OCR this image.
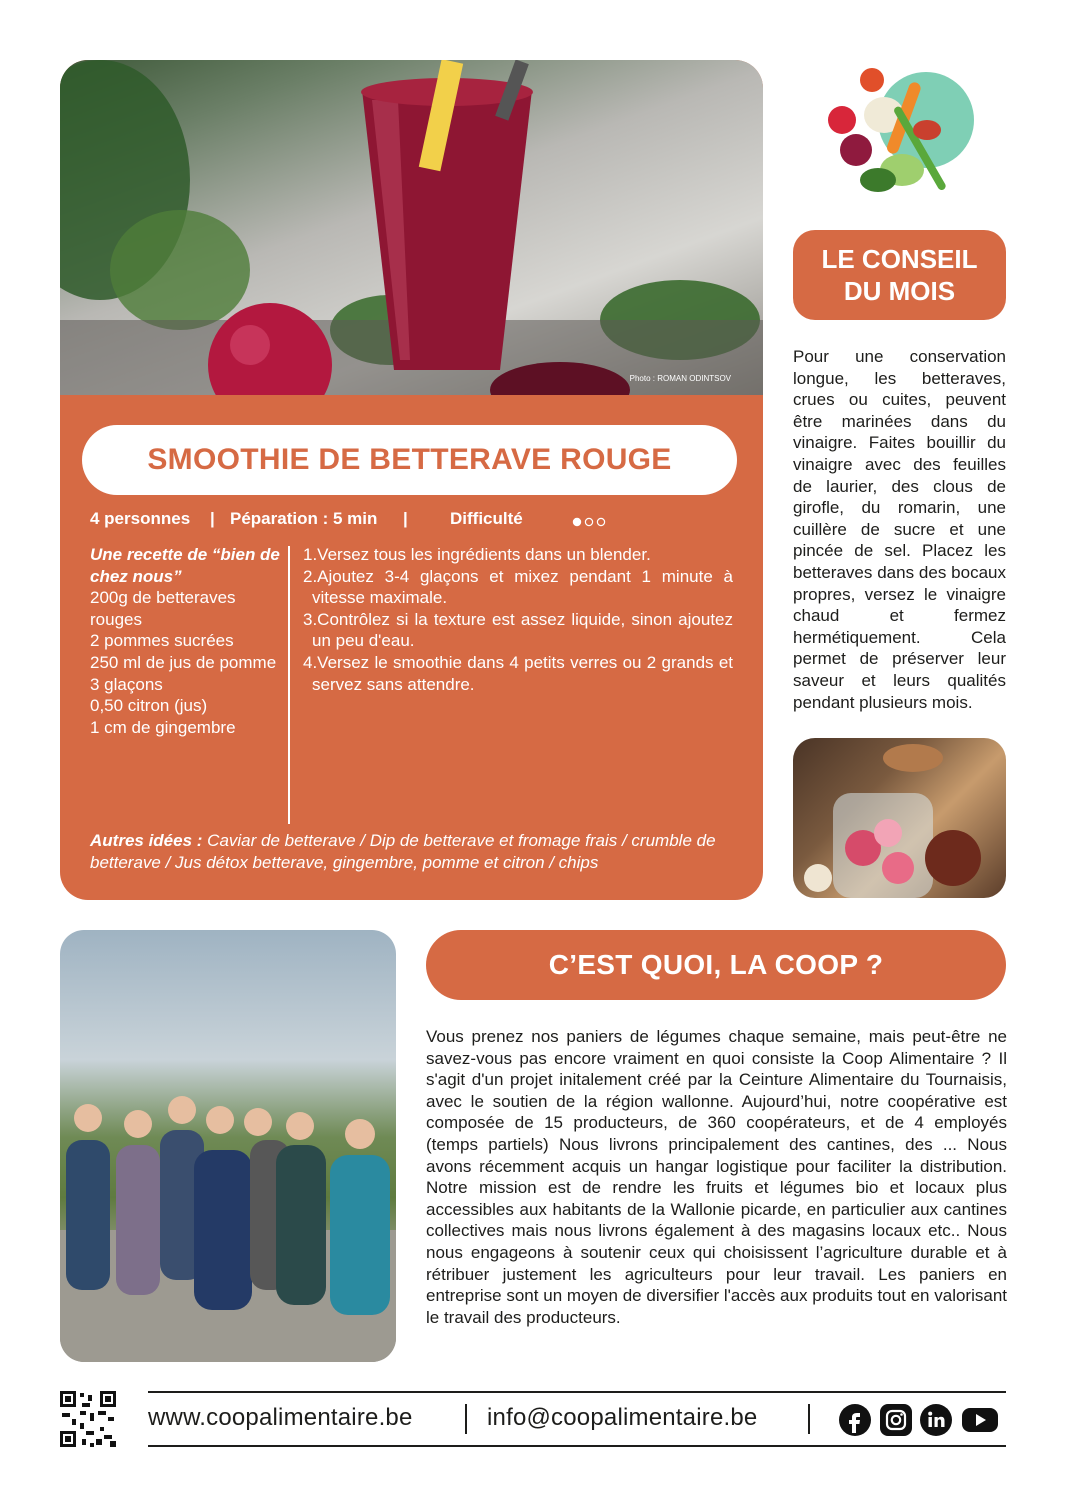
Photo : ROMAN ODINTSOV
SMOOTHIE DE BETTERAVE ROUGE
4 personnes | Péparation : 5 min | Difficulté
Une recette de “bien de chez nous”
200g de betteraves rouges
2 pommes sucrées
250 ml de jus de pomme
3 glaçons
0,50 citron (jus)
1 cm de gingembre
1.Versez tous les ingrédients dans un blender.
2.Ajoutez 3-4 glaçons et mixez pendant 1 minute à vitesse maximale.
3.Contrôlez si la texture est assez liquide, sinon ajoutez un peu d'eau.
4.Versez le smoothie dans 4 petits verres ou 2 grands et servez sans attendre.
Autres idées : Caviar de betterave / Dip de betterave et fromage frais / crumble de betterave / Jus détox betterave, gingembre, pomme et citron / chips
LE CONSEIL DU MOIS
Pour une conservation longue, les betteraves, crues ou cuites, peuvent être marinées dans du vinaigre. Faites bouillir du vinaigre avec des feuilles de laurier, des clous de girofle, du romarin, une cuillère de sucre et une pincée de sel. Placez les betteraves dans des bocaux propres, versez le vinaigre chaud et fermez hermétiquement. Cela permet de préserver leur saveur et leurs qualités pendant plusieurs mois.
C’EST QUOI, LA COOP ?
Vous prenez nos paniers de légumes chaque semaine, mais peut-être ne savez-vous pas encore vraiment en quoi consiste la Coop Alimentaire ? Il s'agit d'un projet initalement créé par la Ceinture Alimentaire du Tournaisis, avec le soutien de la région wallonne. Aujourd’hui, notre coopérative est composée de 15 producteurs, de 360 coopérateurs, et de 4 employés (temps partiels) Nous livrons principalement des cantines, des ... Nous avons récemment acquis un hangar logistique pour faciliter la distribution. Notre mission est de rendre les fruits et légumes bio et locaux plus accessibles aux habitants de la Wallonie picarde, en particulier aux cantines collectives mais nous livrons également à des magasins locaux etc.. Nous nous engageons à soutenir ceux qui choisissent l’agriculture durable et à rétribuer justement les agriculteurs pour leur travail. Les paniers en entreprise sont un moyen de diversifier l'accès aux produits tout en valorisant le travail des producteurs.
www.coopalimentaire.be	info@coopalimentaire.be
